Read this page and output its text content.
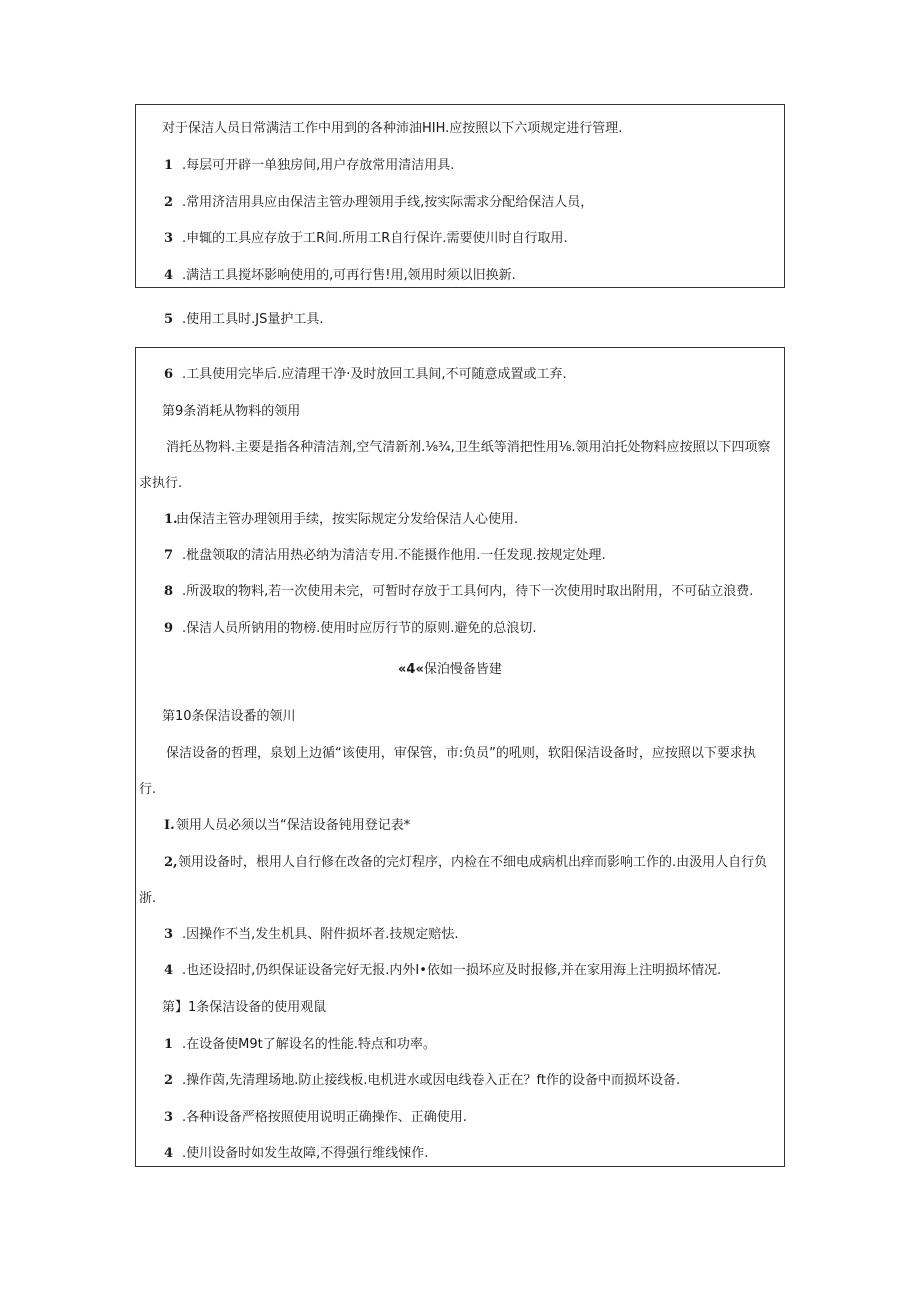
对于保洁人员日常满洁工作中用到的各种沛油HIH.应按照以下六项规定进行管理.
1 .每层可开辟一单独房间,用户存放常用清洁用具.
2 .常用济洁用具应由保洁主管办理领用手线,按实际需求分配给保洁人员，
3 .申辄的工具应存放于工R间.所用工R自行保许.需要使川时自行取用.
4 .满洁工具搅坏影响使用的,可再行售!用,领用时须以旧换新.
5 .使用工具时.JS量护工具.
6 .工具使用完毕后.应清理干净·及时放回工具间,不可随意成置或工弃.
第9条消耗从物料的领用
消托丛物料.主要是指各种清洁剂,空气清新剂.⅛¾,卫生纸等消把性用⅛.领用泊托处物料应按照以下四项察
求执行.
1.
由保洁主管办理领用手续，按实际规定分发给保洁人心使用.
7 .枇盘领取的清沾用热必纳为清洁专用.不能摄作他用.一任发现.按规定处理.
8 .所汲取的物料,若一次使用未完，可暂时存放于工具何内，待下一次使用时取出附用，不可砧立浪费.
9 .保洁人员所钠用的物榜.使用时应厉行节的原则.避免的总浪切.
«4«保泊慢备皆建
第10条保洁设番的领川
保洁设备的哲理，泉划上边循“该使用，审保管，市:负员”的吼则，软阳保洁设备时，应按照以下要求执
行.
I. 领用人员必须以当“保洁设备钝用登记表*
2, 领用设备时，根用人自行修在改备的完灯程序，内检在不细电成病机出痒而影响工作的.由汲用人自行负
浙.
3 .因操作不当,发生机具、附件损坏者.技规定赔怯.
4 .也还设招时,仍织保证设备完好无报.内外I•依如一损坏应及时报修,并在家用海上注明损坏情况.
第】1条保洁设备的使用观鼠
1 .在设备使M9t了解设名的性能.特点和功率。
2 .操作茵,先清理场地.防止接线板.电机进水或因电线卷入正在？ft作的设备中而损坏设备.
3 .各种i设备严格按照使用说明正确操作、正确使用.
4 .使川设备时如发生故障,不得强行维线悚作.
